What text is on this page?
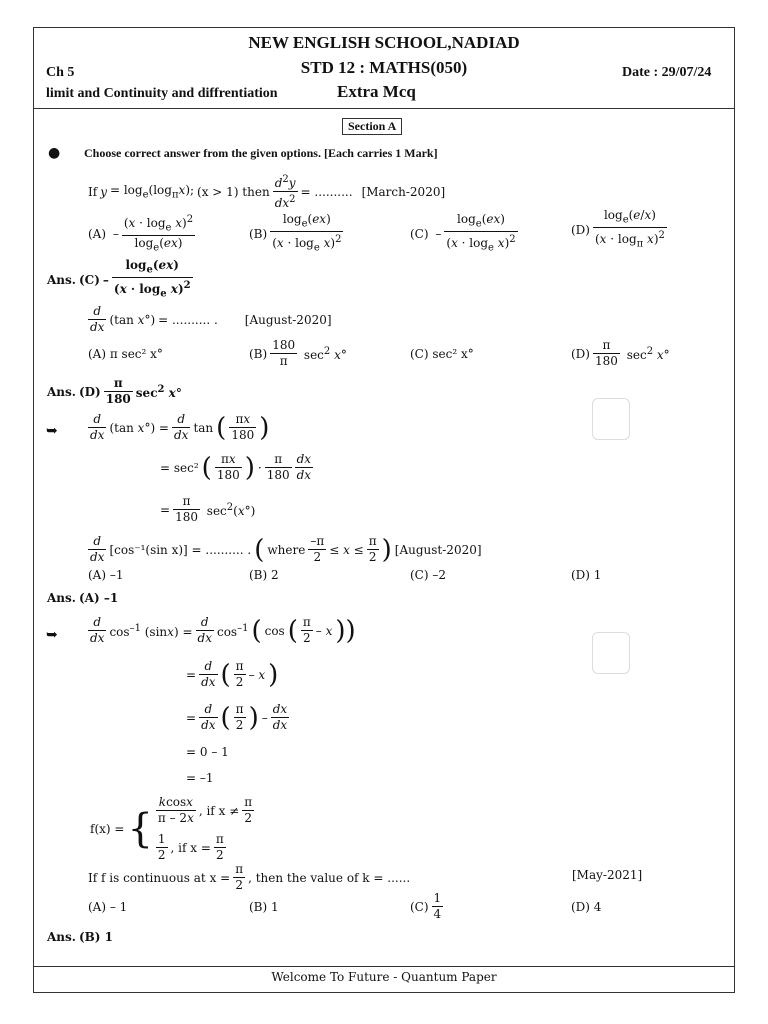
NEW ENGLISH SCHOOL,NADIAD
STD 12 : MATHS(050)
Ch 5	Date : 29/07/24
limit and Continuity and diffrentiation	Extra Mcq
Section A
● Choose correct answer from the given options. [Each carries 1 Mark]
If $y = \log_e(\log_\pi x)$; (x > 1) then $\frac{d^2y}{dx^2}$ = .......... [March-2020]
$(A) - \frac{(x \cdot \log_e x)^2}{\log_e(ex)}$	$(B) \frac{\log_e(ex)}{(x \cdot \log_e x)^2}$	$(C) - \frac{\log_e(ex)}{(x \cdot \log_e x)^2}$	$(D) \frac{\log_e(e/x)}{(x \cdot \log_\pi x)^2}$
Ans. $(C) - \frac{\log_e(ex)}{(x \cdot \log_e x)^2}$
$\frac{d}{dx} (\tan$ x°) = .......... . [August-2020]
(A) π sec² x°	$(B) \frac{180}{\pi} \sec^2 x^\circ$	(C) sec² x°	$(D) \frac{\pi}{180} \sec^2 x^\circ$
Ans. $(D) \frac{\pi}{180} \sec^2 x^\circ$
➥	$\frac{d}{dx} (\tan$ $x^\circ) = \frac{d}{dx}$ tan ( $\frac{\pi x}{180}$ )
= sec² ( $\frac{\pi x}{180}$ ) · $\frac{\pi}{180} \frac{dx}{dx}$
= $\frac{\pi}{180} \sec^2(x^\circ)$
$\frac{d}{dx} [\cos^{-1}(\sin$ x)] = .......... . ( where $\frac{-\pi}{2} \le x \le \frac{\pi}{2}$ ) [August-2020]
(A) –1	(B) 2	(C) –2	(D) 1
Ans. (A) –1
➥	$\frac{d}{dx} \cos^{-1} (\sin x) = \frac{d}{dx} \cos^{-1}$ ( cos ( $\frac{\pi}{2}$ – x ))
= $\frac{d}{dx}$ ( $\frac{\pi}{2}$ – x )
= $\frac{d}{dx}$ ( $\frac{\pi}{2}$ ) – $\frac{dx}{dx}$
= 0 – 1
= –1
f(x) = { $\frac{kcosx}{\pi - 2x}$ , if $x \ne \frac{\pi}{2}$
$\frac{1}{2}$ , if $x = \frac{\pi}{2}$
If f is continuous at $x = \frac{\pi}{2}$ , then the value of k = ......	[May-2021]
(A) – 1	(B) 1	$(C) \frac{1}{4}$	(D) 4
Ans. (B) 1
Welcome To Future - Quantum Paper
